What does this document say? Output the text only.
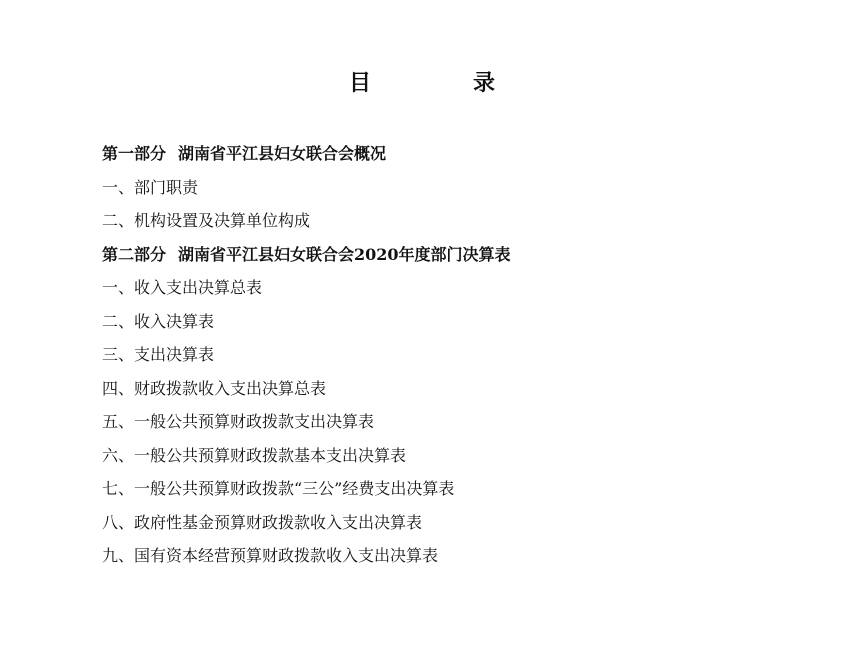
目　录
第一部分 湖南省平江县妇女联合会概况
一、部门职责
二、机构设置及决算单位构成
第二部分 湖南省平江县妇女联合会2020年度部门决算表
一、收入支出决算总表
二、收入决算表
三、支出决算表
四、财政拨款收入支出决算总表
五、一般公共预算财政拨款支出决算表
六、一般公共预算财政拨款基本支出决算表
七、一般公共预算财政拨款“三公”经费支出决算表
八、政府性基金预算财政拨款收入支出决算表
九、国有资本经营预算财政拨款收入支出决算表
